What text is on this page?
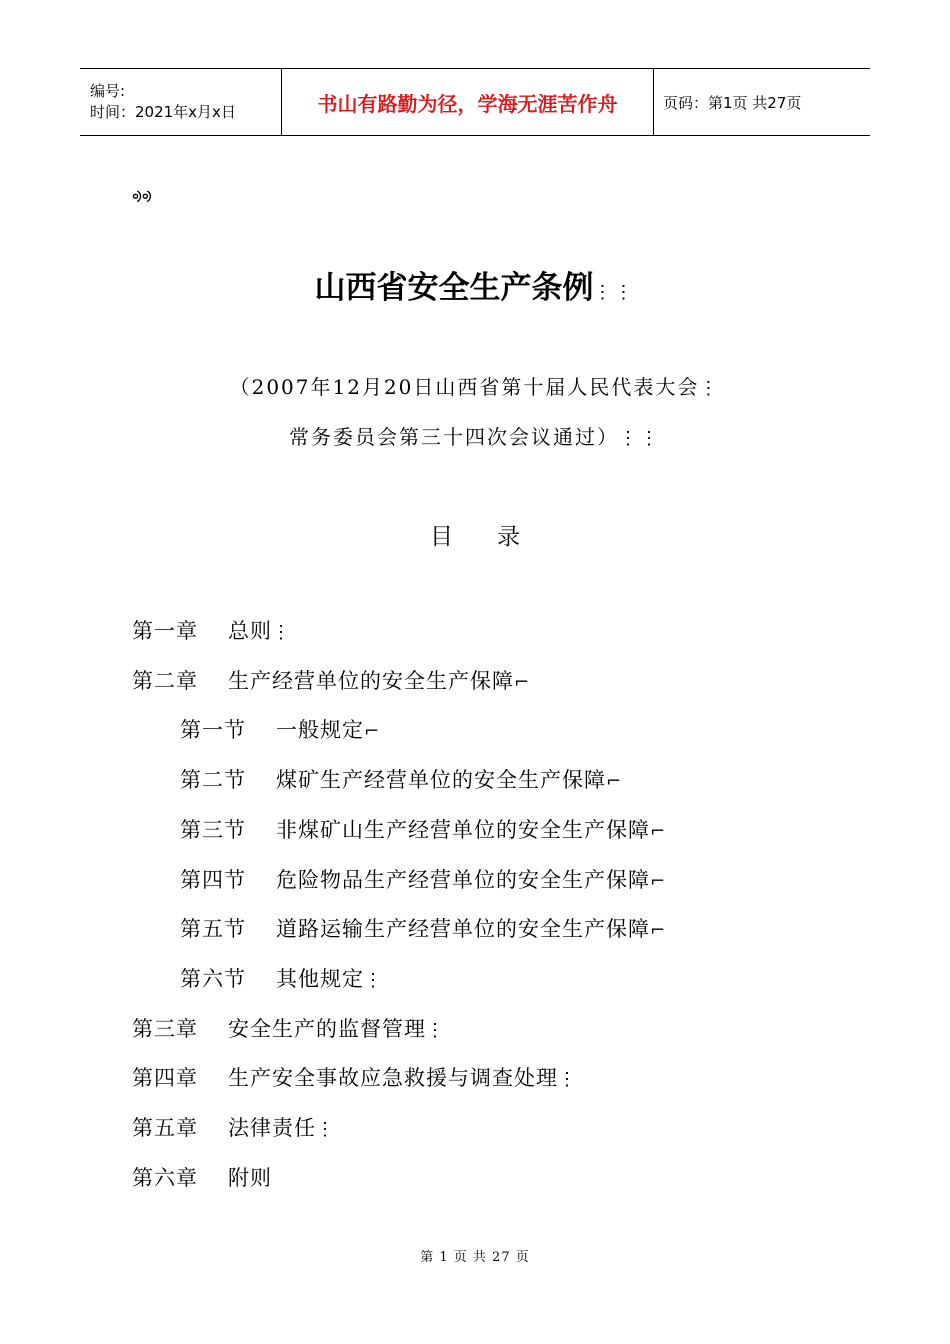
编号:
时间：2021年x月x日	书山有路勤为径，学海无涯苦作舟	页码：第1页 共27页
ᢀᢀ
山西省安全生产条例⋮⋮
（2007年12月20日山西省第十届人民代表大会⋮
常务委员会第三十四次会议通过）⋮⋮
目录
第一章 总则⋮
第二章 生产经营单位的安全生产保障⌐
第一节 一般规定⌐
第二节 煤矿生产经营单位的安全生产保障⌐
第三节 非煤矿山生产经营单位的安全生产保障⌐
第四节 危险物品生产经营单位的安全生产保障⌐
第五节 道路运输生产经营单位的安全生产保障⌐
第六节 其他规定⋮
第三章 安全生产的监督管理⋮
第四章 生产安全事故应急救援与调查处理⋮
第五章 法律责任⋮
第六章 附则
第 1 页 共 27 页
